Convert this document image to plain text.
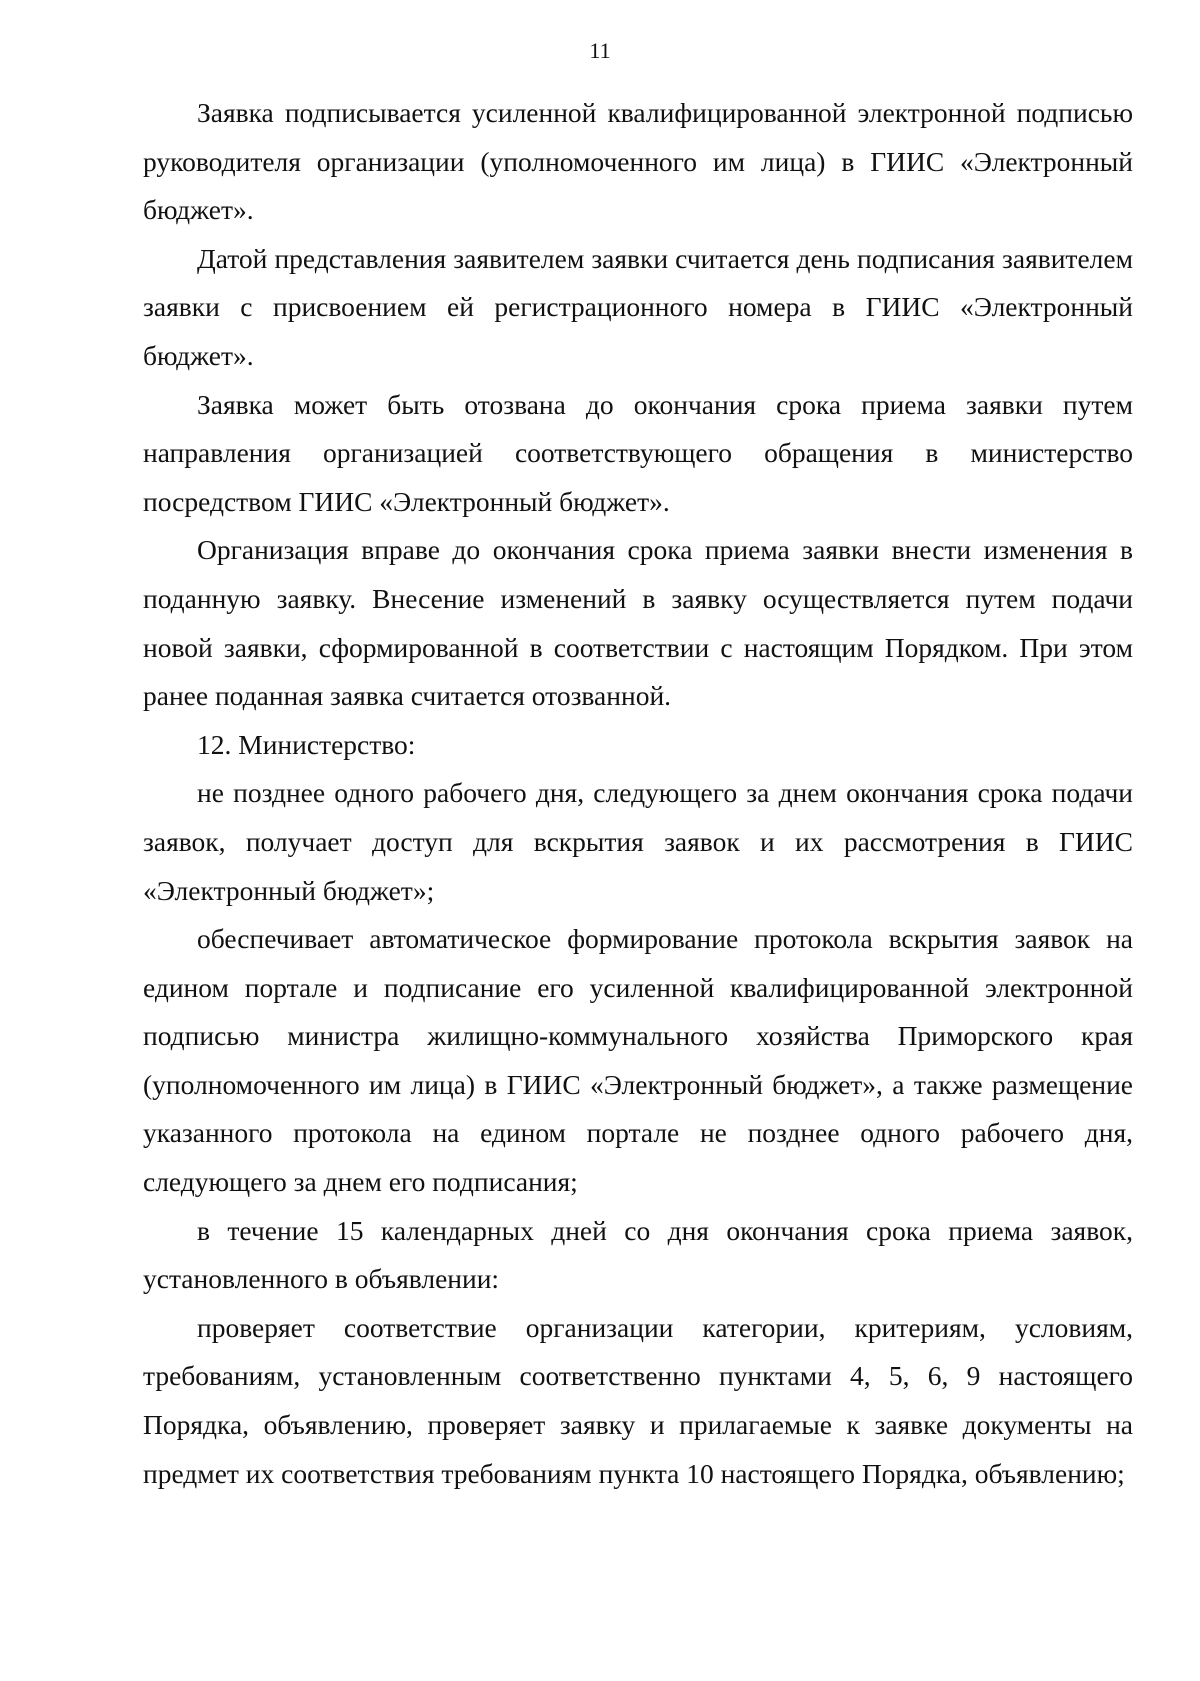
11

Заявка подписывается усиленной квалифицированной электронной подписью руководителя организации (уполномоченного им лица) в ГИИС «Электронный бюджет».

Датой представления заявителем заявки считается день подписания заявителем заявки с присвоением ей регистрационного номера в ГИИС «Электронный бюджет».

Заявка может быть отозвана до окончания срока приема заявки путем направления организацией соответствующего обращения в министерство посредством ГИИС «Электронный бюджет».

Организация вправе до окончания срока приема заявки внести изменения в поданную заявку. Внесение изменений в заявку осуществляется путем подачи новой заявки, сформированной в соответствии с настоящим Порядком. При этом ранее поданная заявка считается отозванной.

12. Министерство:

не позднее одного рабочего дня, следующего за днем окончания срока подачи заявок, получает доступ для вскрытия заявок и их рассмотрения в ГИИС «Электронный бюджет»;

обеспечивает автоматическое формирование протокола вскрытия заявок на едином портале и подписание его усиленной квалифицированной электронной подписью министра жилищно-коммунального хозяйства Приморского края (уполномоченного им лица) в ГИИС «Электронный бюджет», а также размещение указанного протокола на едином портале не позднее одного рабочего дня, следующего за днем его подписания;

в течение 15 календарных дней со дня окончания срока приема заявок, установленного в объявлении:

проверяет соответствие организации категории, критериям, условиям, требованиям, установленным соответственно пунктами 4, 5, 6, 9 настоящего Порядка, объявлению, проверяет заявку и прилагаемые к заявке документы на предмет их соответствия требованиям пункта 10 настоящего Порядка, объявлению;
